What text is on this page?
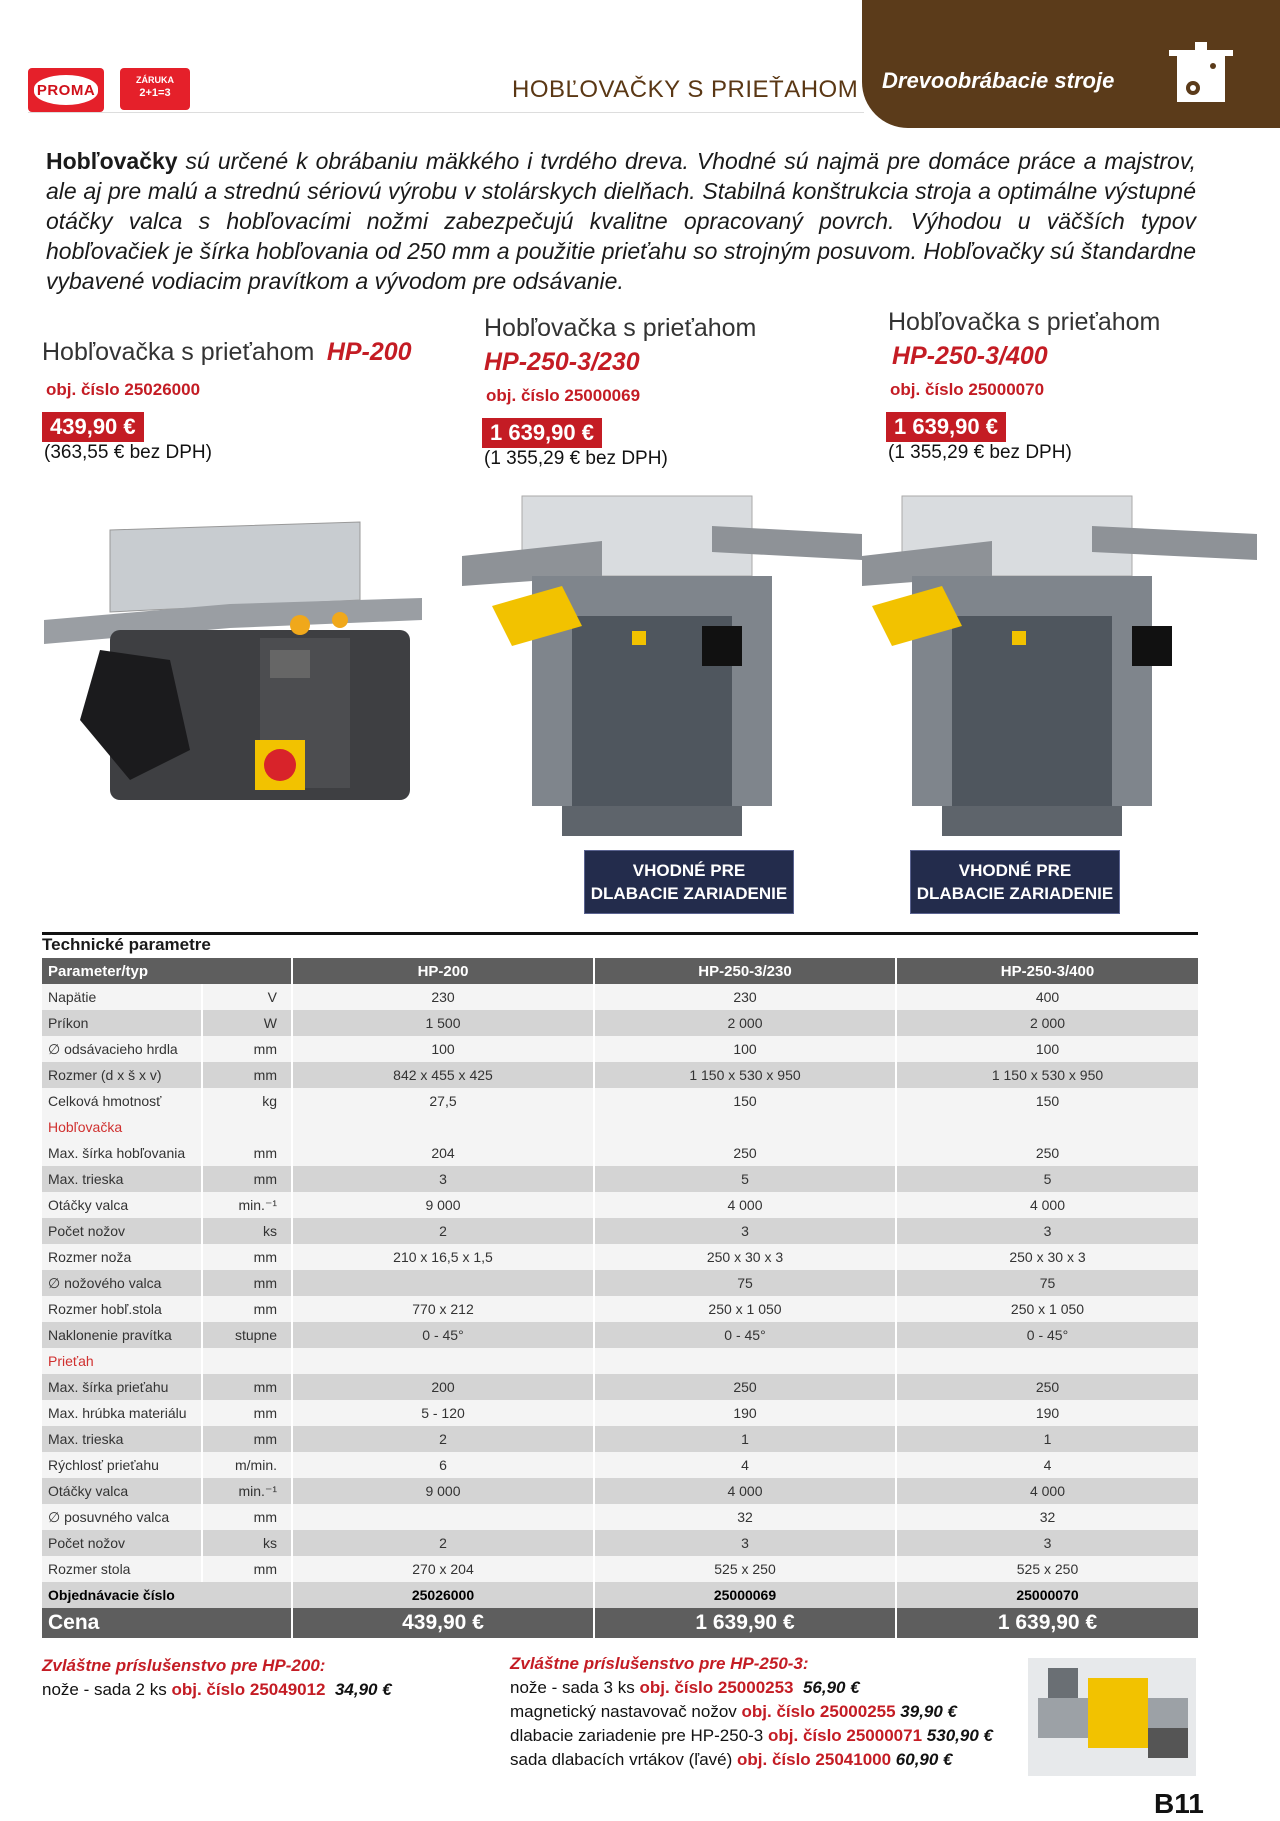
PROMA
ZÁRUKA
2+1=3	HOBĽOVAČKY S PRIEŤAHOM Drevoobrábacie stroje
Hobľovačky sú určené k obrábaniu mäkkého i tvrdého dreva. Vhodné sú najmä pre domáce práce a majstrov, ale aj pre malú a strednú sériovú výrobu v stolárskych dielňach. Stabilná konštrukcia stroja a optimálne výstupné otáčky valca s hobľovacími nožmi zabezpečujú kvalitne opracovaný povrch. Výhodou u väčších typov hobľovačiek je šírka hobľovania od 250 mm a použitie prieťahu so strojným posuvom. Hobľovačky sú štandardne vybavené vodiacim pravítkom a vývodom pre odsávanie.
Hobľovačka s prieťahom HP-200
obj. číslo 25026000
439,90 €
(363,55 € bez DPH)
Hobľovačka s prieťahom
HP-250-3/230
obj. číslo 25000069
1 639,90 €
(1 355,29 € bez DPH)
Hobľovačka s prieťahom
HP-250-3/400
obj. číslo 25000070
1 639,90 €
(1 355,29 € bez DPH)
VHODNÉ PRE
DLABACIE ZARIADENIE
VHODNÉ PRE
DLABACIE ZARIADENIE
Technické parametre
Parameter/typ		HP-200	HP-250-3/230	HP-250-3/400
Napätie	V	230	230	400
Príkon	W	1 500	2 000	2 000
∅ odsávacieho hrdla	mm	100	100	100
Rozmer (d x š x v)	mm	842 x 455 x 425	1 150 x 530 x 950	1 150 x 530 x 950
Celková hmotnosť	kg	27,5	150	150
Hobľovačka				
Max. šírka hobľovania	mm	204	250	250
Max. trieska	mm	3	5	5
Otáčky valca	min.⁻¹	9 000	4 000	4 000
Počet nožov	ks	2	3	3
Rozmer noža	mm	210 x 16,5 x 1,5	250 x 30 x 3	250 x 30 x 3
∅ nožového valca	mm		75	75
Rozmer hobľ.stola	mm	770 x 212	250 x 1 050	250 x 1 050
Naklonenie pravítka	stupne	0 - 45°	0 - 45°	0 - 45°
Prieťah				
Max. šírka prieťahu	mm	200	250	250
Max. hrúbka materiálu	mm	5 - 120	190	190
Max. trieska	mm	2	1	1
Rýchlosť prieťahu	m/min.	6	4	4
Otáčky valca	min.⁻¹	9 000	4 000	4 000
∅ posuvného valca	mm		32	32
Počet nožov	ks	2	3	3
Rozmer stola	mm	270 x 204	525 x 250	525 x 250
Objednávacie číslo		25026000	25000069	25000070
Cena		439,90 €	1 639,90 €	1 639,90 €
Zvláštne príslušenstvo pre HP-200:
nože - sada 2 ks obj. číslo 25049012 34,90 €
Zvláštne príslušenstvo pre HP-250-3:
nože - sada 3 ks obj. číslo 25000253 56,90 €
magnetický nastavovač nožov obj. číslo 25000255 39,90 €
dlabacie zariadenie pre HP-250-3 obj. číslo 25000071 530,90 €
sada dlabacích vrtákov (ľavé) obj. číslo 25041000 60,90 €
B11
